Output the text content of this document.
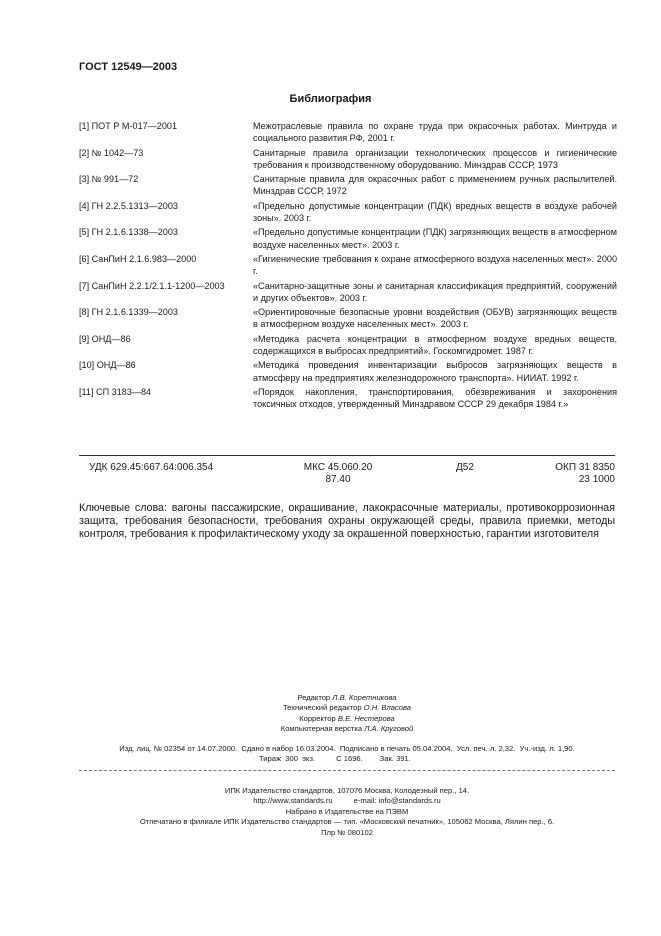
ГОСТ 12549—2003
Библиография
[1] ПОТ Р М-017—2001	Межотраслевые правила по охране труда при окрасочных работах. Минтруда и социального развития РФ, 2001 г.
[2] № 1042—73	Санитарные правила организации технологических процессов и гигиенические требования к производственному оборудованию. Минздрав СССР, 1973
[3] № 991—72	Санитарные правила для окрасочных работ с применением ручных распылителей. Минздрав СССР, 1972
[4] ГН 2.2.5.1313—2003	«Предельно допустимые концентрации (ПДК) вредных веществ в воздухе рабочей зоны». 2003 г.
[5] ГН 2.1.6.1338—2003	«Предельно допустимые концентрации (ПДК) загрязняющих веществ в атмосферном воздухе населенных мест». 2003 г.
[6] СанПиН 2.1.6.983—2000	«Гигиенические требования к охране атмосферного воздуха населенных мест». 2000 г.
[7] СанПиН 2.2.1/2.1.1-1200—2003	«Санитарно-защитные зоны и санитарная классификация предприятий, сооружений и других объектов». 2003 г.
[8] ГН 2.1.6.1339—2003	«Ориентировочные безопасные уровни воздействия (ОБУВ) загрязняющих веществ в атмосферном воздухе населенных мест». 2003 г.
[9] ОНД—86	«Методика расчета концентрации в атмосферном воздухе вредных веществ, содержащихся в выбросах предприятий». Госкомгидромет. 1987 г.
[10] ОНД—86	«Методика проведения инвентаризации выбросов загрязняющих веществ в атмосферу на предприятиях железнодорожного транспорта». НИИАТ. 1992 г.
[11] СП 3183—84	«Порядок накопления, транспортирования, обезвреживания и захоронения токсичных отходов, утвержденный Минздравом СССР 29 декабря 1984 г.»
УДК 629.45:667.64:006.354	МКС 45.060.20
87.40
Д52	ОКП 31 8350
23 1000
Ключевые слова: вагоны пассажирские, окрашивание, лакокрасочные материалы, противокоррозионная
защита, требования безопасности, требования охраны окружающей среды, правила приемки, методы
контроля, требования к профилактическому уходу за окрашенной поверхностью, гарантии изготовителя
Редактор Л.В. Коретникова
Технический редактор О.Н. Власова
Корректор В.Е. Нестерова
Компьютерная верстка Л.А. Круговой
Изд. лиц. № 02354 от 14.07.2000.  Сдано в набор 16.03.2004.  Подписано в печать 05.04.2004.  Усл. печ. л. 2,32.  Уч.-изд. л. 1,90.
Тираж  300  экз.          С 1696.        Зак. 391.
ИПК Издательство стандартов, 107076 Москва, Колодезный пер., 14.
http://www.standards.ru          e-mail: info@standards.ru
Набрано в Издательстве на ПЭВМ
Отпечатано в филиале ИПК Издательство стандартов — тип. «Московский печатник», 105062 Москва, Лялин пер., 6.
Плр № 080102
